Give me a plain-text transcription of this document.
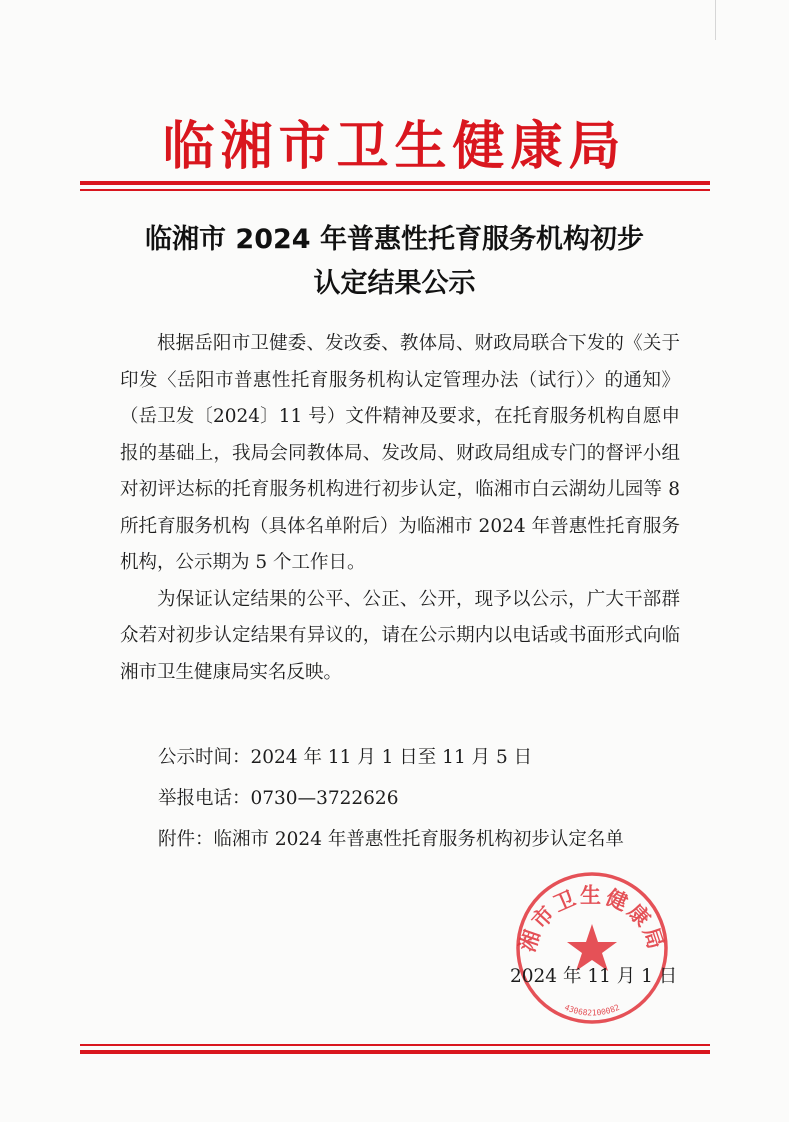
临湘市卫生健康局
临湘市 2024 年普惠性托育服务机构初步
认定结果公示

根据岳阳市卫健委、发改委、教体局、财政局联合下发的《关于印发〈岳阳市普惠性托育服务机构认定管理办法（试行）〉的通知》（岳卫发〔2024〕11 号）文件精神及要求，在托育服务机构自愿申报的基础上，我局会同教体局、发改局、财政局组成专门的督评小组对初评达标的托育服务机构进行初步认定，临湘市白云湖幼儿园等 8 所托育服务机构（具体名单附后）为临湘市 2024 年普惠性托育服务机构，公示期为 5 个工作日。

为保证认定结果的公平、公正、公开，现予以公示，广大干部群众若对初步认定结果有异议的，请在公示期内以电话或书面形式向临湘市卫生健康局实名反映。

公示时间：2024 年 11 月 1 日至 11 月 5 日
举报电话：0730—3722626
附件：临湘市 2024 年普惠性托育服务机构初步认定名单
湘市卫生健康局
430682100082
2024 年 11 月 1 日
